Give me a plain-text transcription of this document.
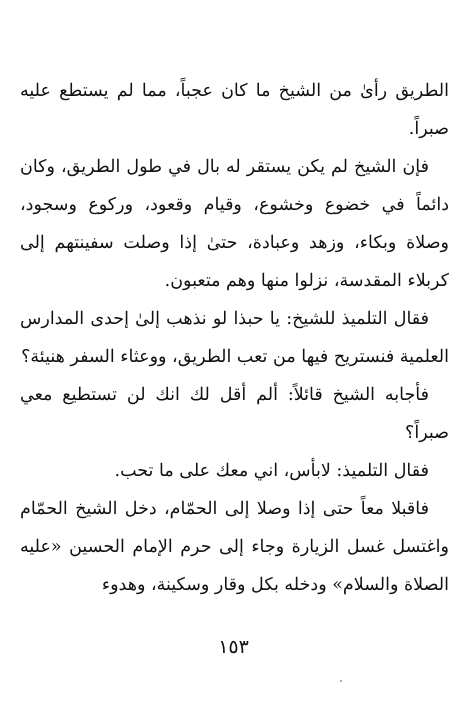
الطريق رأىٰ من الشيخ ما كان عجباً، مما لم يستطع عليه صبراً.

فإن الشيخ لم يكن يستقر له بال في طول الطريق، وكان دائماً في خضوع وخشوع، وقيام وقعود، وركوع وسجود، وصلاة وبكاء، وزهد وعبادة، حتىٰ إذا وصلت سفينتهم إلى كربلاء المقدسة، نزلوا منها وهم متعبون.

فقال التلميذ للشيخ: يا حبذا لو نذهب إلىٰ إحدى المدارس العلمية فنستريح فيها من تعب الطريق، ووعثاء السفر هنيئة؟

فأجابه الشيخ قائلاً: ألم أقل لك انك لن تستطيع معي صبراً؟

فقال التلميذ: لابأس، اني معك على ما تحب.

فاقبلا معاً حتى إذا وصلا إلى الحمّام، دخل الشيخ الحمّام واغتسل غسل الزيارة وجاء إلى حرم الإمام الحسين «عليه الصلاة والسلام» ودخله بكل وقار وسكينة، وهدوء

١٥٣
